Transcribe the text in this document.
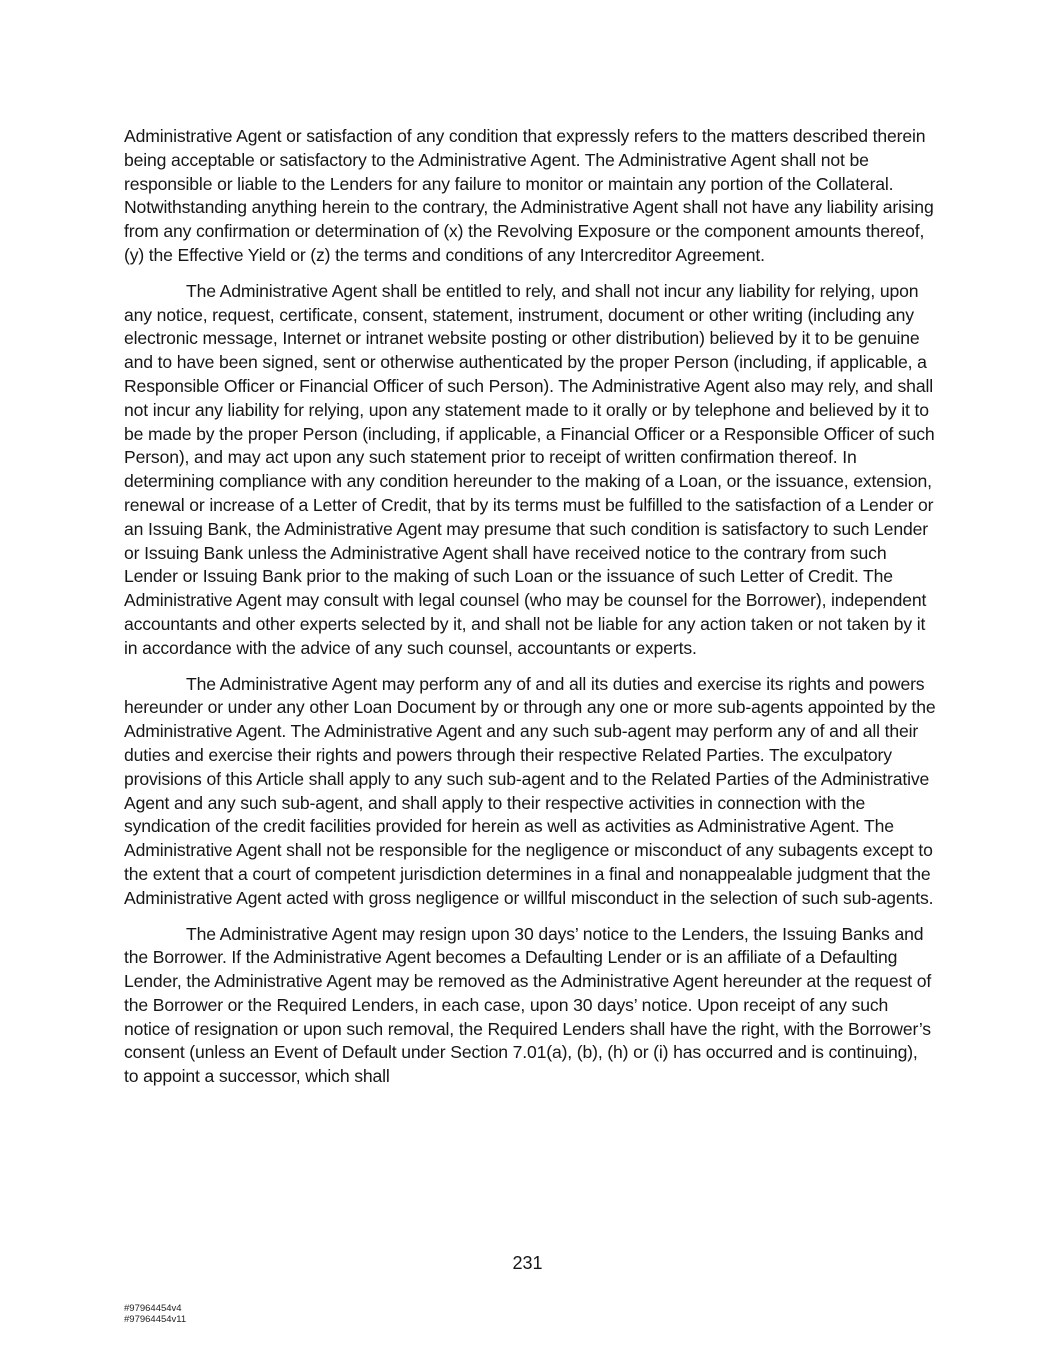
Administrative Agent or satisfaction of any condition that expressly refers to the matters described therein being acceptable or satisfactory to the Administrative Agent. The Administrative Agent shall not be responsible or liable to the Lenders for any failure to monitor or maintain any portion of the Collateral. Notwithstanding anything herein to the contrary, the Administrative Agent shall not have any liability arising from any confirmation or determination of (x) the Revolving Exposure or the component amounts thereof, (y) the Effective Yield or (z) the terms and conditions of any Intercreditor Agreement.

The Administrative Agent shall be entitled to rely, and shall not incur any liability for relying, upon any notice, request, certificate, consent, statement, instrument, document or other writing (including any electronic message, Internet or intranet website posting or other distribution) believed by it to be genuine and to have been signed, sent or otherwise authenticated by the proper Person (including, if applicable, a Responsible Officer or Financial Officer of such Person). The Administrative Agent also may rely, and shall not incur any liability for relying, upon any statement made to it orally or by telephone and believed by it to be made by the proper Person (including, if applicable, a Financial Officer or a Responsible Officer of such Person), and may act upon any such statement prior to receipt of written confirmation thereof. In determining compliance with any condition hereunder to the making of a Loan, or the issuance, extension, renewal or increase of a Letter of Credit, that by its terms must be fulfilled to the satisfaction of a Lender or an Issuing Bank, the Administrative Agent may presume that such condition is satisfactory to such Lender or Issuing Bank unless the Administrative Agent shall have received notice to the contrary from such Lender or Issuing Bank prior to the making of such Loan or the issuance of such Letter of Credit. The Administrative Agent may consult with legal counsel (who may be counsel for the Borrower), independent accountants and other experts selected by it, and shall not be liable for any action taken or not taken by it in accordance with the advice of any such counsel, accountants or experts.

The Administrative Agent may perform any of and all its duties and exercise its rights and powers hereunder or under any other Loan Document by or through any one or more sub-agents appointed by the Administrative Agent. The Administrative Agent and any such sub-agent may perform any of and all their duties and exercise their rights and powers through their respective Related Parties. The exculpatory provisions of this Article shall apply to any such sub-agent and to the Related Parties of the Administrative Agent and any such sub-agent, and shall apply to their respective activities in connection with the syndication of the credit facilities provided for herein as well as activities as Administrative Agent. The Administrative Agent shall not be responsible for the negligence or misconduct of any subagents except to the extent that a court of competent jurisdiction determines in a final and nonappealable judgment that the Administrative Agent acted with gross negligence or willful misconduct in the selection of such sub-agents.

The Administrative Agent may resign upon 30 days’ notice to the Lenders, the Issuing Banks and the Borrower. If the Administrative Agent becomes a Defaulting Lender or is an affiliate of a Defaulting Lender, the Administrative Agent may be removed as the Administrative Agent hereunder at the request of the Borrower or the Required Lenders, in each case, upon 30 days’ notice. Upon receipt of any such notice of resignation or upon such removal, the Required Lenders shall have the right, with the Borrower’s consent (unless an Event of Default under Section 7.01(a), (b), (h) or (i) has occurred and is continuing), to appoint a successor, which shall

231
#97964454v4
#97964454v11
